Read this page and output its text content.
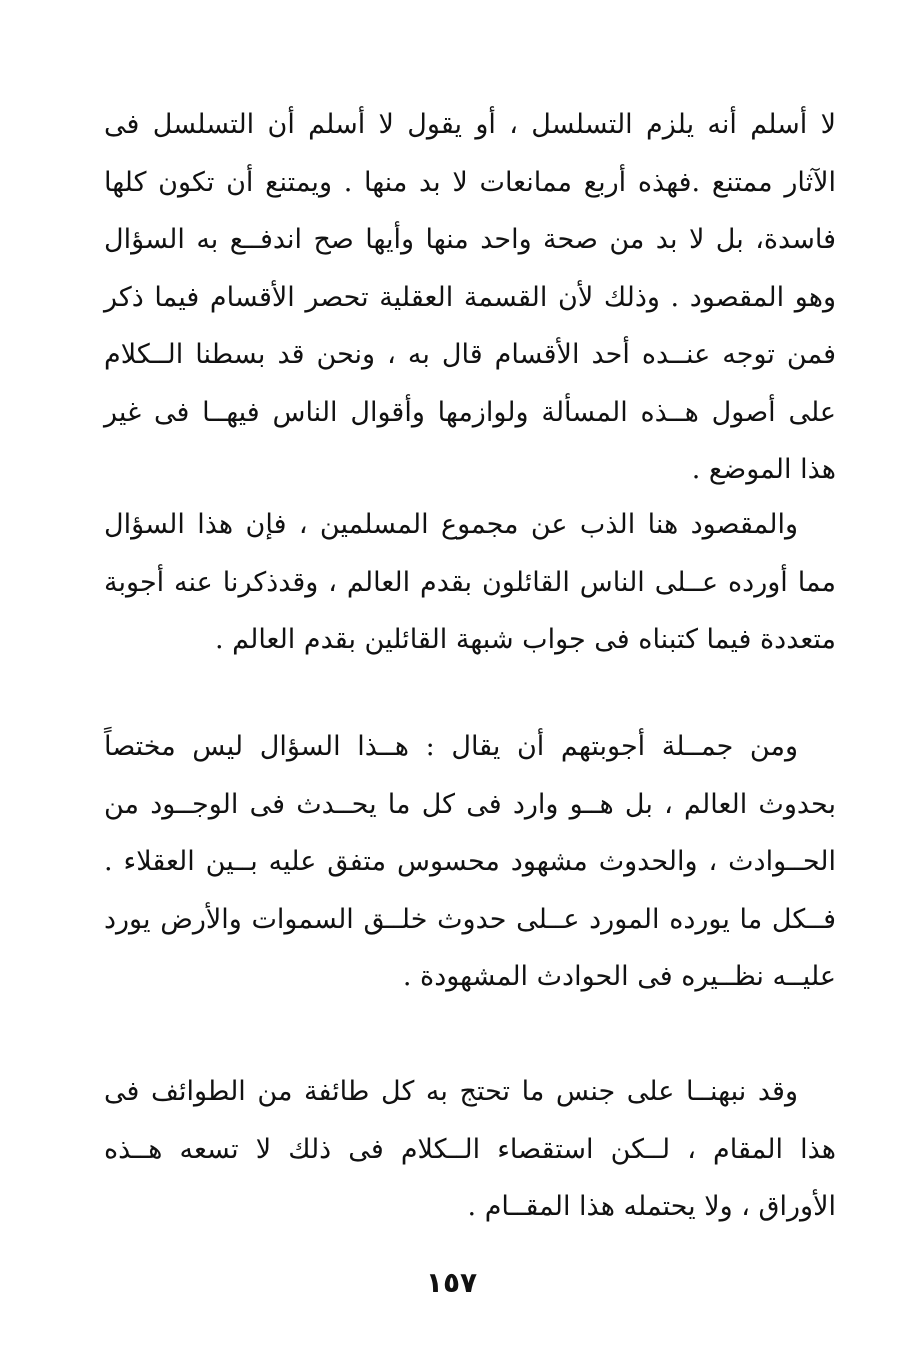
لا أسلم أنه يلزم التسلسل ، أو يقول لا أسلم أن التسلسل فى الآثار ممتنع .فهذه أربع ممانعات لا بد منها . ويمتنع أن تكون كلها فاسدة، بل لا بد من صحة واحد منها وأيها صح اندفــع به السؤال وهو المقصود . وذلك لأن القسمة العقلية تحصر الأقسام فيما ذكر فمن توجه عنــده أحد الأقسام قال به ، ونحن قد بسطنا الــكلام على أصول هــذه المسألة ولوازمها وأقوال الناس فيهــا فى غير هذا الموضع .

والمقصود هنا الذب عن مجموع المسلمين ، فإن هذا السؤال مما أورده عــلى الناس القائلون بقدم العالم ، وقدذكرنا عنه أجوبة متعددة فيما كتبناه فى جواب شبهة القائلين بقدم العالم .

ومن جمــلة أجوبتهم أن يقال : هــذا السؤال ليس مختصاً بحدوث العالم ، بل هــو وارد فى كل ما يحــدث فى الوجــود من الحــوادث ، والحدوث مشهود محسوس متفق عليه بــين العقلاء . فــكل ما يورده المورد عــلى حدوث خلــق السموات والأرض يورد عليــه نظــيره فى الحوادث المشهودة .

وقد نبهنــا على جنس ما تحتج به كل طائفة من الطوائف فى هذا المقام ، لــكن استقصاء الــكلام فى ذلك لا تسعه هــذه الأوراق ، ولا يحتمله هذا المقــام .

١٥٧
